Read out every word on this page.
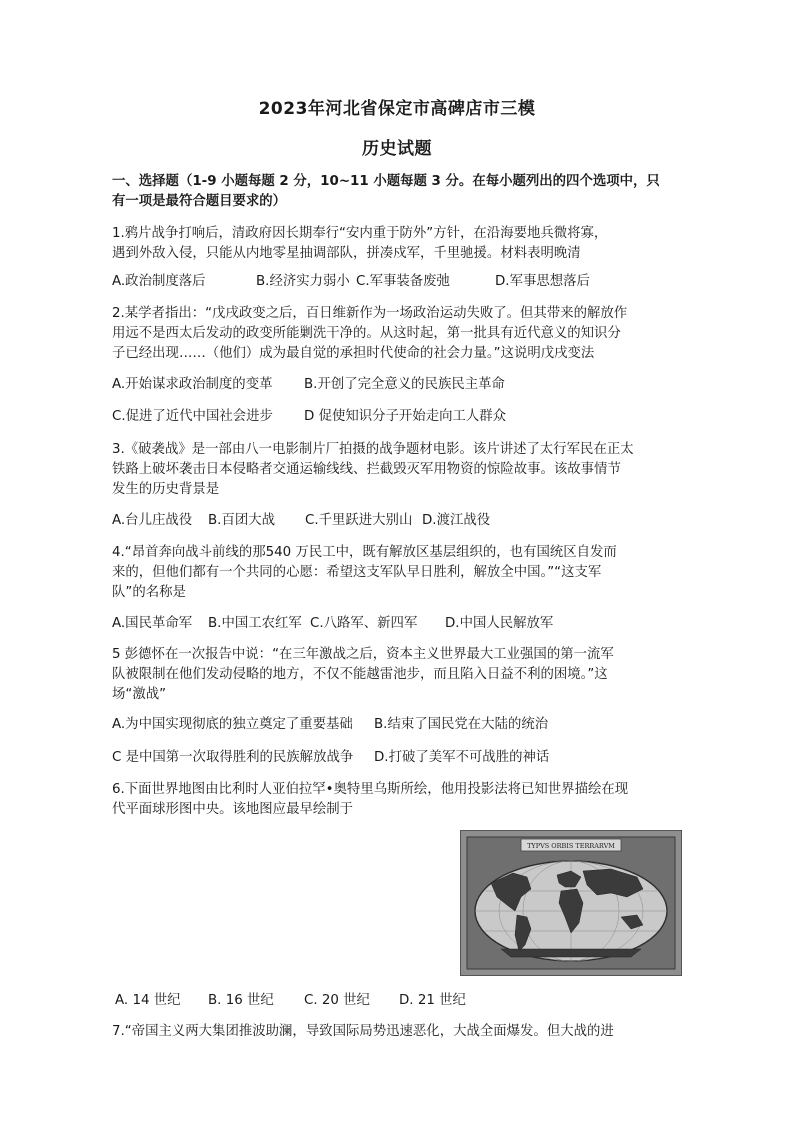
2023年河北省保定市高碑店市三模
历史试题
一、选择题（1-9 小题每题 2 分，10~11 小题每题 3 分。在每小题列出的四个选项中，只
有一项是最符合题目要求的）
1.鸦片战争打响后，清政府因长期奉行“安内重于防外”方针，在沿海要地兵微将寡，
遇到外敌入侵，只能从内地零星抽调部队，拼凑戍军，千里驰援。材料表明晚清
A.政治制度落后	B.经济实力弱小 C.军事装备废弛	D.军事思想落后
2.某学者指出：“戊戌政变之后，百日维新作为一场政治运动失败了。但其带来的解放作
用远不是西太后发动的政变所能剿洗干净的。从这时起，第一批具有近代意义的知识分
子已经出现……（他们）成为最自觉的承担时代使命的社会力量。”这说明戊戌变法
A.开始谋求政治制度的变革 B.开创了完全意义的民族民主革命
C.促进了近代中国社会进步 D 促使知识分子开始走向工人群众
3.《破袭战》是一部由八一电影制片厂拍摄的战争题材电影。该片讲述了太行军民在正太
铁路上破坏袭击日本侵略者交通运输线线、拦截毁灭军用物资的惊险故事。该故事情节
发生的历史背景是
A.台儿庄战役 B.百团大战 C.千里跃进大别山 D.渡江战役
4.“昂首奔向战斗前线的那540 万民工中，既有解放区基层组织的，也有国统区自发而
来的，但他们都有一个共同的心愿：希望这支军队早日胜利，解放全中国。”“这支军
队”的名称是
A.国民革命军 B.中国工农红军 C.八路军、新四军 D.中国人民解放军
5 彭德怀在一次报告中说：“在三年激战之后，资本主义世界最大工业强国的第一流军
队被限制在他们发动侵略的地方，不仅不能越雷池步，而且陷入日益不利的困境。”这
场“激战”
A.为中国实现彻底的独立奠定了重要基础 B.结束了国民党在大陆的统治
C 是中国第一次取得胜利的民族解放战争 D.打破了美军不可战胜的神话
6.下面世界地图由比利时人亚伯拉罕•奥特里乌斯所绘，他用投影法将已知世界描绘在现
代平面球形图中央。该地图应最早绘制于
TYPVS ORBIS TERRARVM
A. 14 世纪 B. 16 世纪 C. 20 世纪 D. 21 世纪
7.“帝国主义两大集团推波助澜，导致国际局势迅速恶化，大战全面爆发。但大战的进
